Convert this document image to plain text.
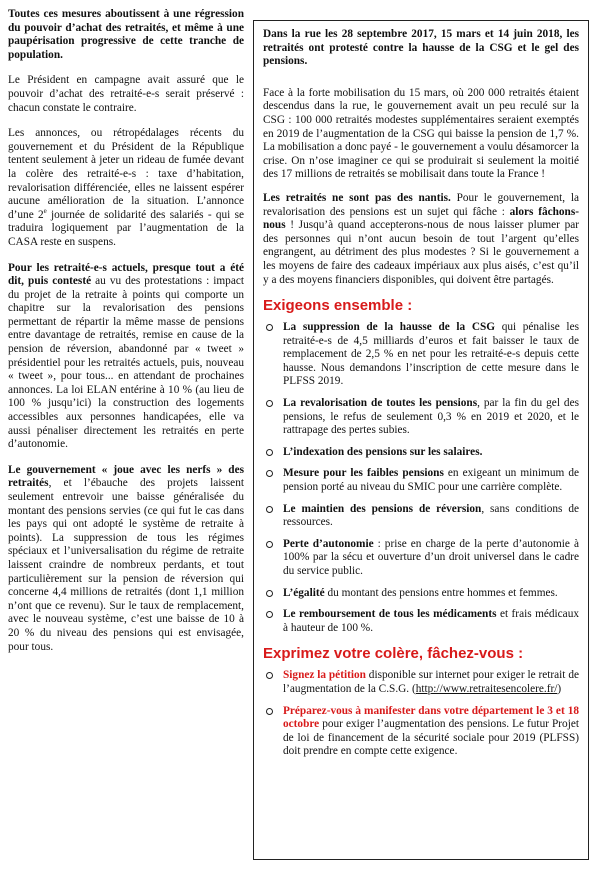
Toutes ces mesures aboutissent à une régression du pouvoir d’achat des retraités, et même à une paupérisation progressive de cette tranche de population.

Le Président en campagne avait assuré que le pouvoir d’achat des retraité-e-s serait préservé : chacun constate le contraire.

Les annonces, ou rétropédalages récents du gouvernement et du Président de la République tentent seulement à jeter un rideau de fumée devant la colère des retraité-e-s : taxe d’habitation, revalorisation différenciée, elles ne laissent espérer aucune amélioration de la situation. L’annonce d’une 2e journée de solidarité des salariés - qui se traduira logiquement par l’augmentation de la CASA reste en suspens.

Pour les retraité-e-s actuels, presque tout a été dit, puis contesté au vu des protestations : impact du projet de la retraite à points qui comporte un chapitre sur la revalorisation des pensions permettant de répartir la même masse de pensions entre davantage de retraités, remise en cause de la pension de réversion, abandonné par « tweet » présidentiel pour les retraités actuels, puis, nouveau « tweet », pour tous... en attendant de prochaines annonces. La loi ELAN entérine à 10 % (au lieu de 100 % jusqu’ici) la construction des logements accessibles aux personnes handicapées, elle va aussi pénaliser directement les retraités en perte d’autonomie.

Le gouvernement « joue avec les nerfs » des retraités, et l’ébauche des projets laissent seulement entrevoir une baisse généralisée du montant des pensions servies (ce qui fut le cas dans les pays qui ont adopté le système de retraite à points). La suppression de tous les régimes spéciaux et l’universalisation du régime de retraite laissent craindre de nombreux perdants, et tout particulièrement sur la pension de réversion qui concerne 4,4 millions de retraités (dont 1,1 million n’ont que ce revenu). Sur le taux de remplacement, avec le nouveau système, c’est une baisse de 10 à 20 % du niveau des pensions qui est envisagée, pour tous.

Dans la rue les 28 septembre 2017, 15 mars et 14 juin 2018, les retraités ont protesté contre la hausse de la CSG et le gel des pensions.

Face à la forte mobilisation du 15 mars, où 200 000 retraités étaient descendus dans la rue, le gouvernement avait un peu reculé sur la CSG : 100 000 retraités modestes supplémentaires seraient exemptés en 2019 de l’augmentation de la CSG qui baisse la pension de 1,7 %. La mobilisation a donc payé - le gouvernement a voulu désamorcer la crise. On n’ose imaginer ce qui se produirait si seulement la moitié des 17 millions de retraités se mobilisait dans toute la France !

Les retraités ne sont pas des nantis. Pour le gouvernement, la revalorisation des pensions est un sujet qui fâche : alors fâchons-nous ! Jusqu’à quand accepterons-nous de nous laisser plumer par des personnes qui n’ont aucun besoin de tout l’argent qu’elles engrangent, au détriment des plus modestes ? Si le gouvernement a les moyens de faire des cadeaux impériaux aux plus aisés, c’est qu’il y a des moyens financiers disponibles, qui doivent être partagés.

Exigeons ensemble :
La suppression de la hausse de la CSG qui pénalise les retraité-e-s de 4,5 milliards d’euros et fait baisser le taux de remplacement de 2,5 % en net pour les retraité-e-s depuis cette hausse. Nous demandons l’inscription de cette mesure dans le PLFSS 2019.
La revalorisation de toutes les pensions, par la fin du gel des pensions, le refus de seulement 0,3 % en 2019 et 2020, et le rattrapage des pertes subies.
L’indexation des pensions sur les salaires.
Mesure pour les faibles pensions en exigeant un minimum de pension porté au niveau du SMIC pour une carrière complète.
Le maintien des pensions de réversion, sans conditions de ressources.
Perte d’autonomie : prise en charge de la perte d’autonomie à 100% par la sécu et ouverture d’un droit universel dans le cadre du service public.
L’égalité du montant des pensions entre hommes et femmes.
Le remboursement de tous les médicaments et frais médicaux à hauteur de 100 %.
Exprimez votre colère, fâchez-vous :
Signez la pétition disponible sur internet pour exiger le retrait de l’augmentation de la C.S.G. (http://www.retraitesencolere.fr/)
Préparez-vous à manifester dans votre département le 3 et 18 octobre pour exiger l’augmentation des pensions. Le futur Projet de loi de financement de la sécurité sociale pour 2019 (PLFSS) doit prendre en compte cette exigence.
